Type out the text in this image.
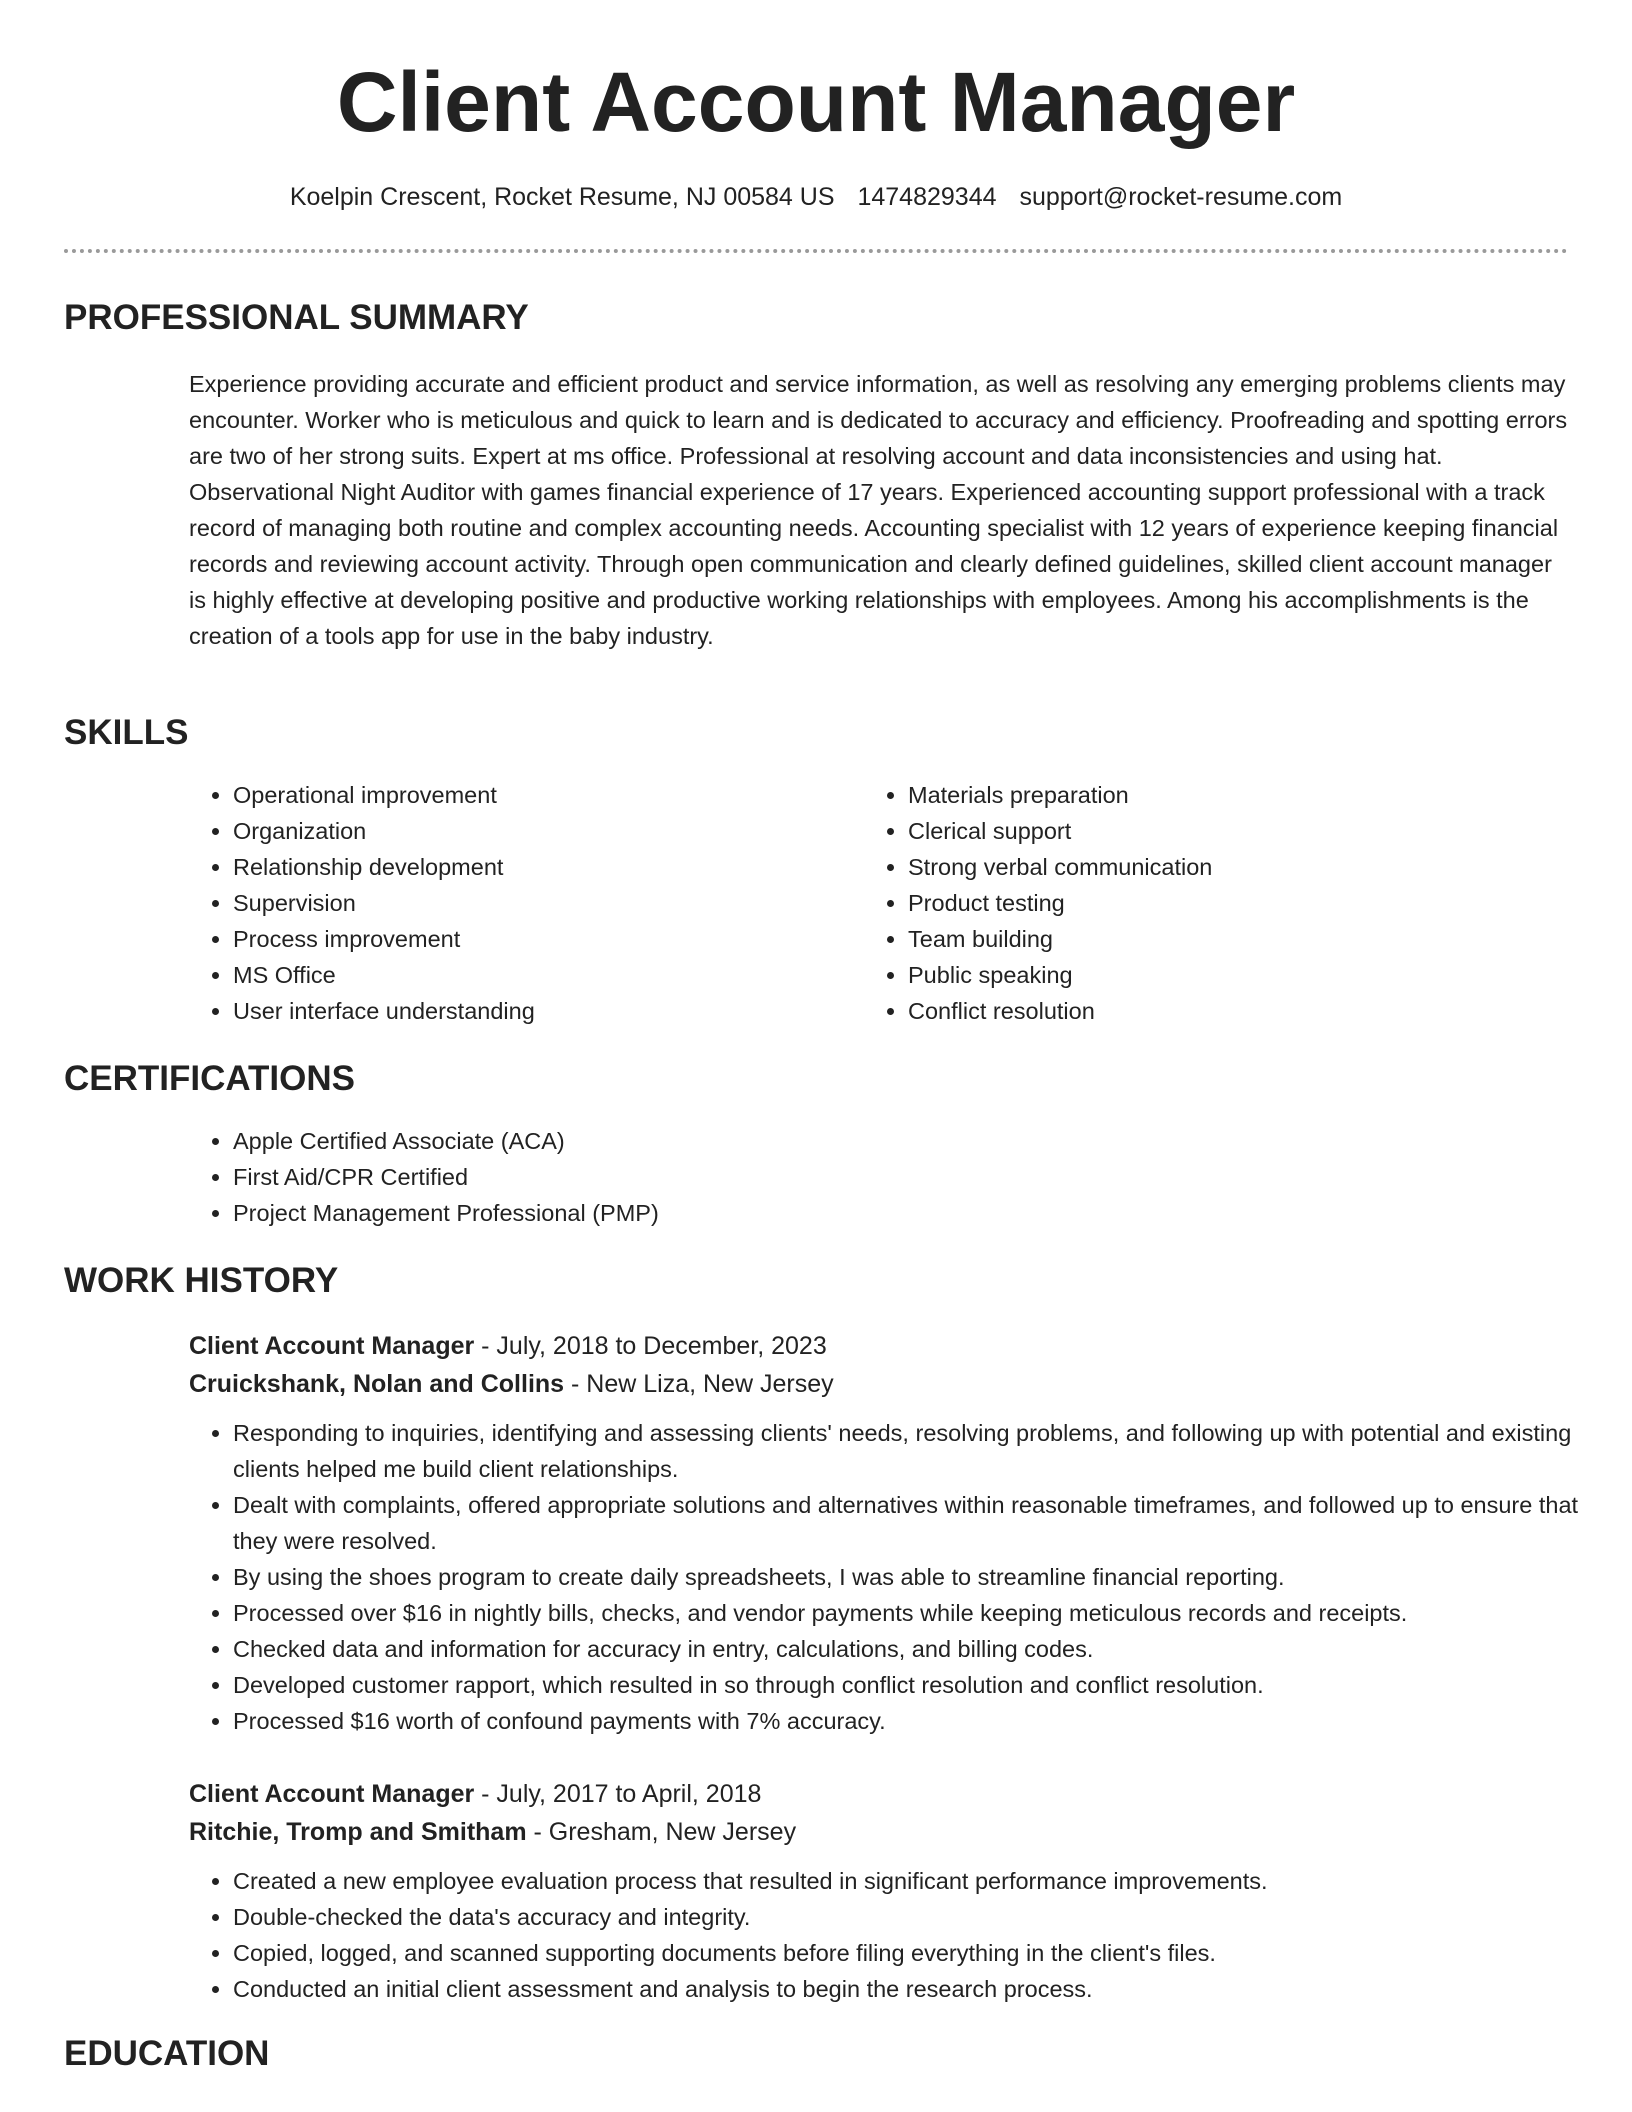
Client Account Manager
Koelpin Crescent, Rocket Resume, NJ 00584 US 1474829344 support@rocket-resume.com
PROFESSIONAL SUMMARY

Experience providing accurate and efficient product and service information, as well as resolving any emerging problems clients may encounter. Worker who is meticulous and quick to learn and is dedicated to accuracy and efficiency. Proofreading and spotting errors are two of her strong suits. Expert at ms office. Professional at resolving account and data inconsistencies and using hat. Observational Night Auditor with games financial experience of 17 years. Experienced accounting support professional with a track record of managing both routine and complex accounting needs. Accounting specialist with 12 years of experience keeping financial records and reviewing account activity. Through open communication and clearly defined guidelines, skilled client account manager is highly effective at developing positive and productive working relationships with employees. Among his accomplishments is the creation of a tools app for use in the baby industry.

SKILLS
• Operational improvement
• Organization
• Relationship development
• Supervision
• Process improvement
• MS Office
• User interface understanding
• Materials preparation
• Clerical support
• Strong verbal communication
• Product testing
• Team building
• Public speaking
• Conflict resolution
CERTIFICATIONS
• Apple Certified Associate (ACA)
• First Aid/CPR Certified
• Project Management Professional (PMP)
WORK HISTORY
Client Account Manager - July, 2018 to December, 2023
Cruickshank, Nolan and Collins - New Liza, New Jersey
• Responding to inquiries, identifying and assessing clients' needs, resolving problems, and following up with potential and existing clients helped me build client relationships.
• Dealt with complaints, offered appropriate solutions and alternatives within reasonable timeframes, and followed up to ensure that they were resolved.
• By using the shoes program to create daily spreadsheets, I was able to streamline financial reporting.
• Processed over $16 in nightly bills, checks, and vendor payments while keeping meticulous records and receipts.
• Checked data and information for accuracy in entry, calculations, and billing codes.
• Developed customer rapport, which resulted in so through conflict resolution and conflict resolution.
• Processed $16 worth of confound payments with 7% accuracy.
Client Account Manager - July, 2017 to April, 2018
Ritchie, Tromp and Smitham - Gresham, New Jersey
• Created a new employee evaluation process that resulted in significant performance improvements.
• Double-checked the data's accuracy and integrity.
• Copied, logged, and scanned supporting documents before filing everything in the client's files.
• Conducted an initial client assessment and analysis to begin the research process.
EDUCATION
